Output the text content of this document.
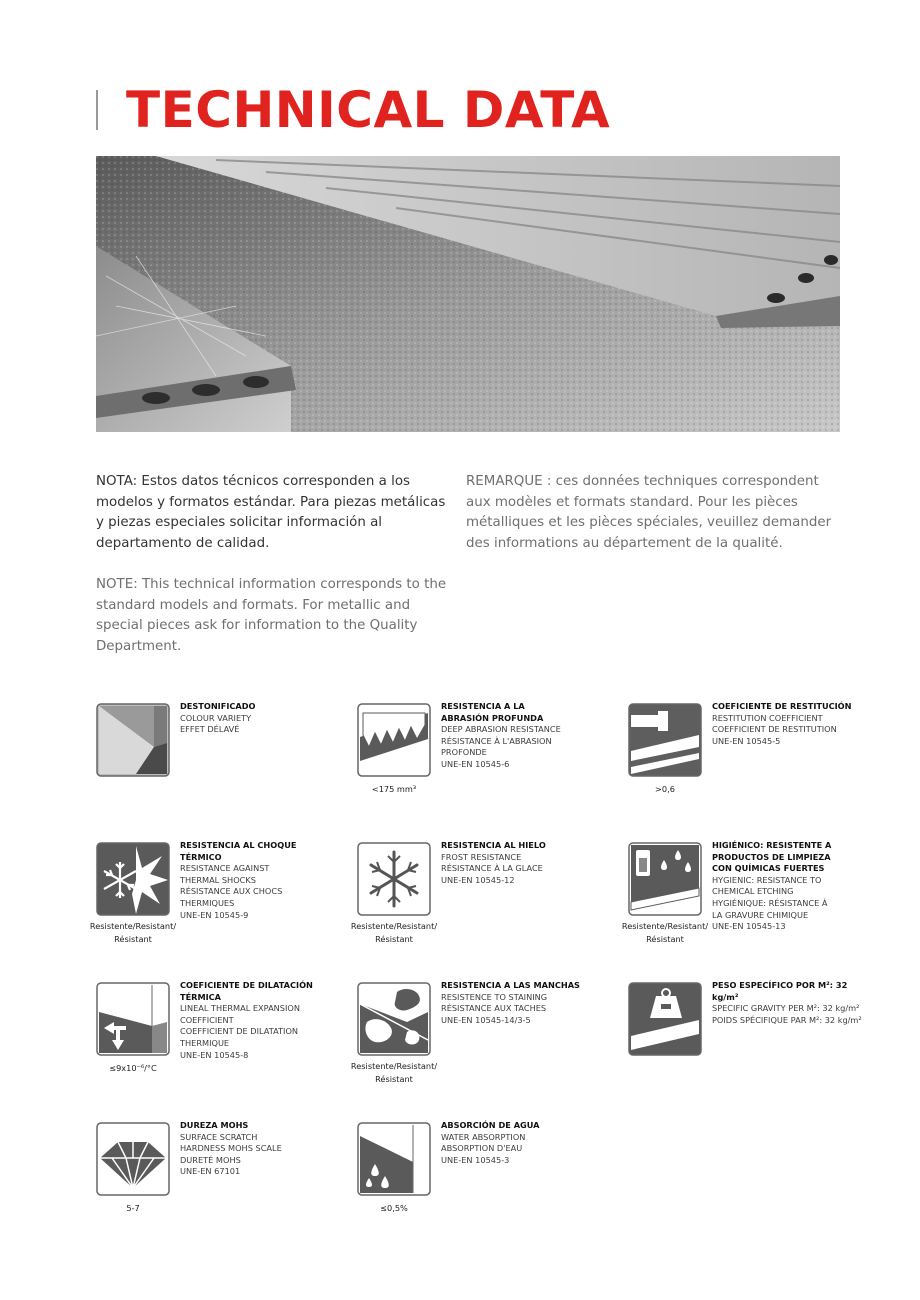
TECHNICAL DATA

NOTA: Estos datos técnicos corresponden a los modelos y formatos estándar. Para piezas metálicas y piezas especiales solicitar información al departamento de calidad.

NOTE: This technical information corresponds to the standard models and formats. For metallic and special pieces ask for information to the Quality Department.

REMARQUE : ces données techniques correspondent aux modèles et formats standard. Pour les pièces métalliques et les pièces spéciales, veuillez demander des informations au département de la qualité.

DESTONIFICADO
COLOUR VARIETY
EFFET DÉLAVÉ
RESISTENCIA A LA
ABRASIÓN PROFUNDA
DEEP ABRASION RESISTANCE
RÉSISTANCE À L'ABRASION
PROFONDE
UNE-EN 10545-6
<175 mm³
COEFICIENTE DE RESTITUCIÓN
RESTITUTION COEFFICIENT
COEFFICIENT DE RESTITUTION
UNE-EN 10545-5
>0,6
RESISTENCIA AL CHOQUE
TÉRMICO
RESISTANCE AGAINST
THERMAL SHOCKS
RÉSISTANCE AUX CHOCS
THERMIQUES
UNE-EN 10545-9
Resistente/Resistant/ Résistant
RESISTENCIA AL HIELO
FROST RESISTANCE
RÉSISTANCE À LA GLACE
UNE-EN 10545-12
Resistente/Resistant/ Résistant
HIGIÉNICO: RESISTENTE A
PRODUCTOS DE LIMPIEZA
CON QUÍMICAS FUERTES
HYGIENIC: RESISTANCE TO
CHEMICAL ETCHING
HYGIÉNIQUE: RÉSISTANCE À
LA GRAVURE CHIMIQUE
UNE-EN 10545-13
Resistente/Resistant/ Résistant
COEFICIENTE DE DILATACIÓN
TÉRMICA
LINEAL THERMAL EXPANSION
COEFFICIENT
COEFFICIENT DE DILATATION
THERMIQUE
UNE-EN 10545-8
≤9x10⁻⁶/°C
RESISTENCIA A LAS MANCHAS
RESISTENCE TO STAINING
RÉSISTANCE AUX TACHES
UNE-EN 10545-14/3-5
Resistente/Resistant/ Résistant
PESO ESPECÍFICO POR M²: 32 kg/m²
SPECIFIC GRAVITY PER M²: 32 kg/m²
POIDS SPÉCIFIQUE PAR M²: 32 kg/m²
DUREZA MOHS
SURFACE SCRATCH
HARDNESS MOHS SCALE
DURETÉ MOHS
UNE-EN 67101
5-7
ABSORCIÓN DE AGUA
WATER ABSORPTION
ABSORPTION D'EAU
UNE-EN 10545-3
≤0,5%
